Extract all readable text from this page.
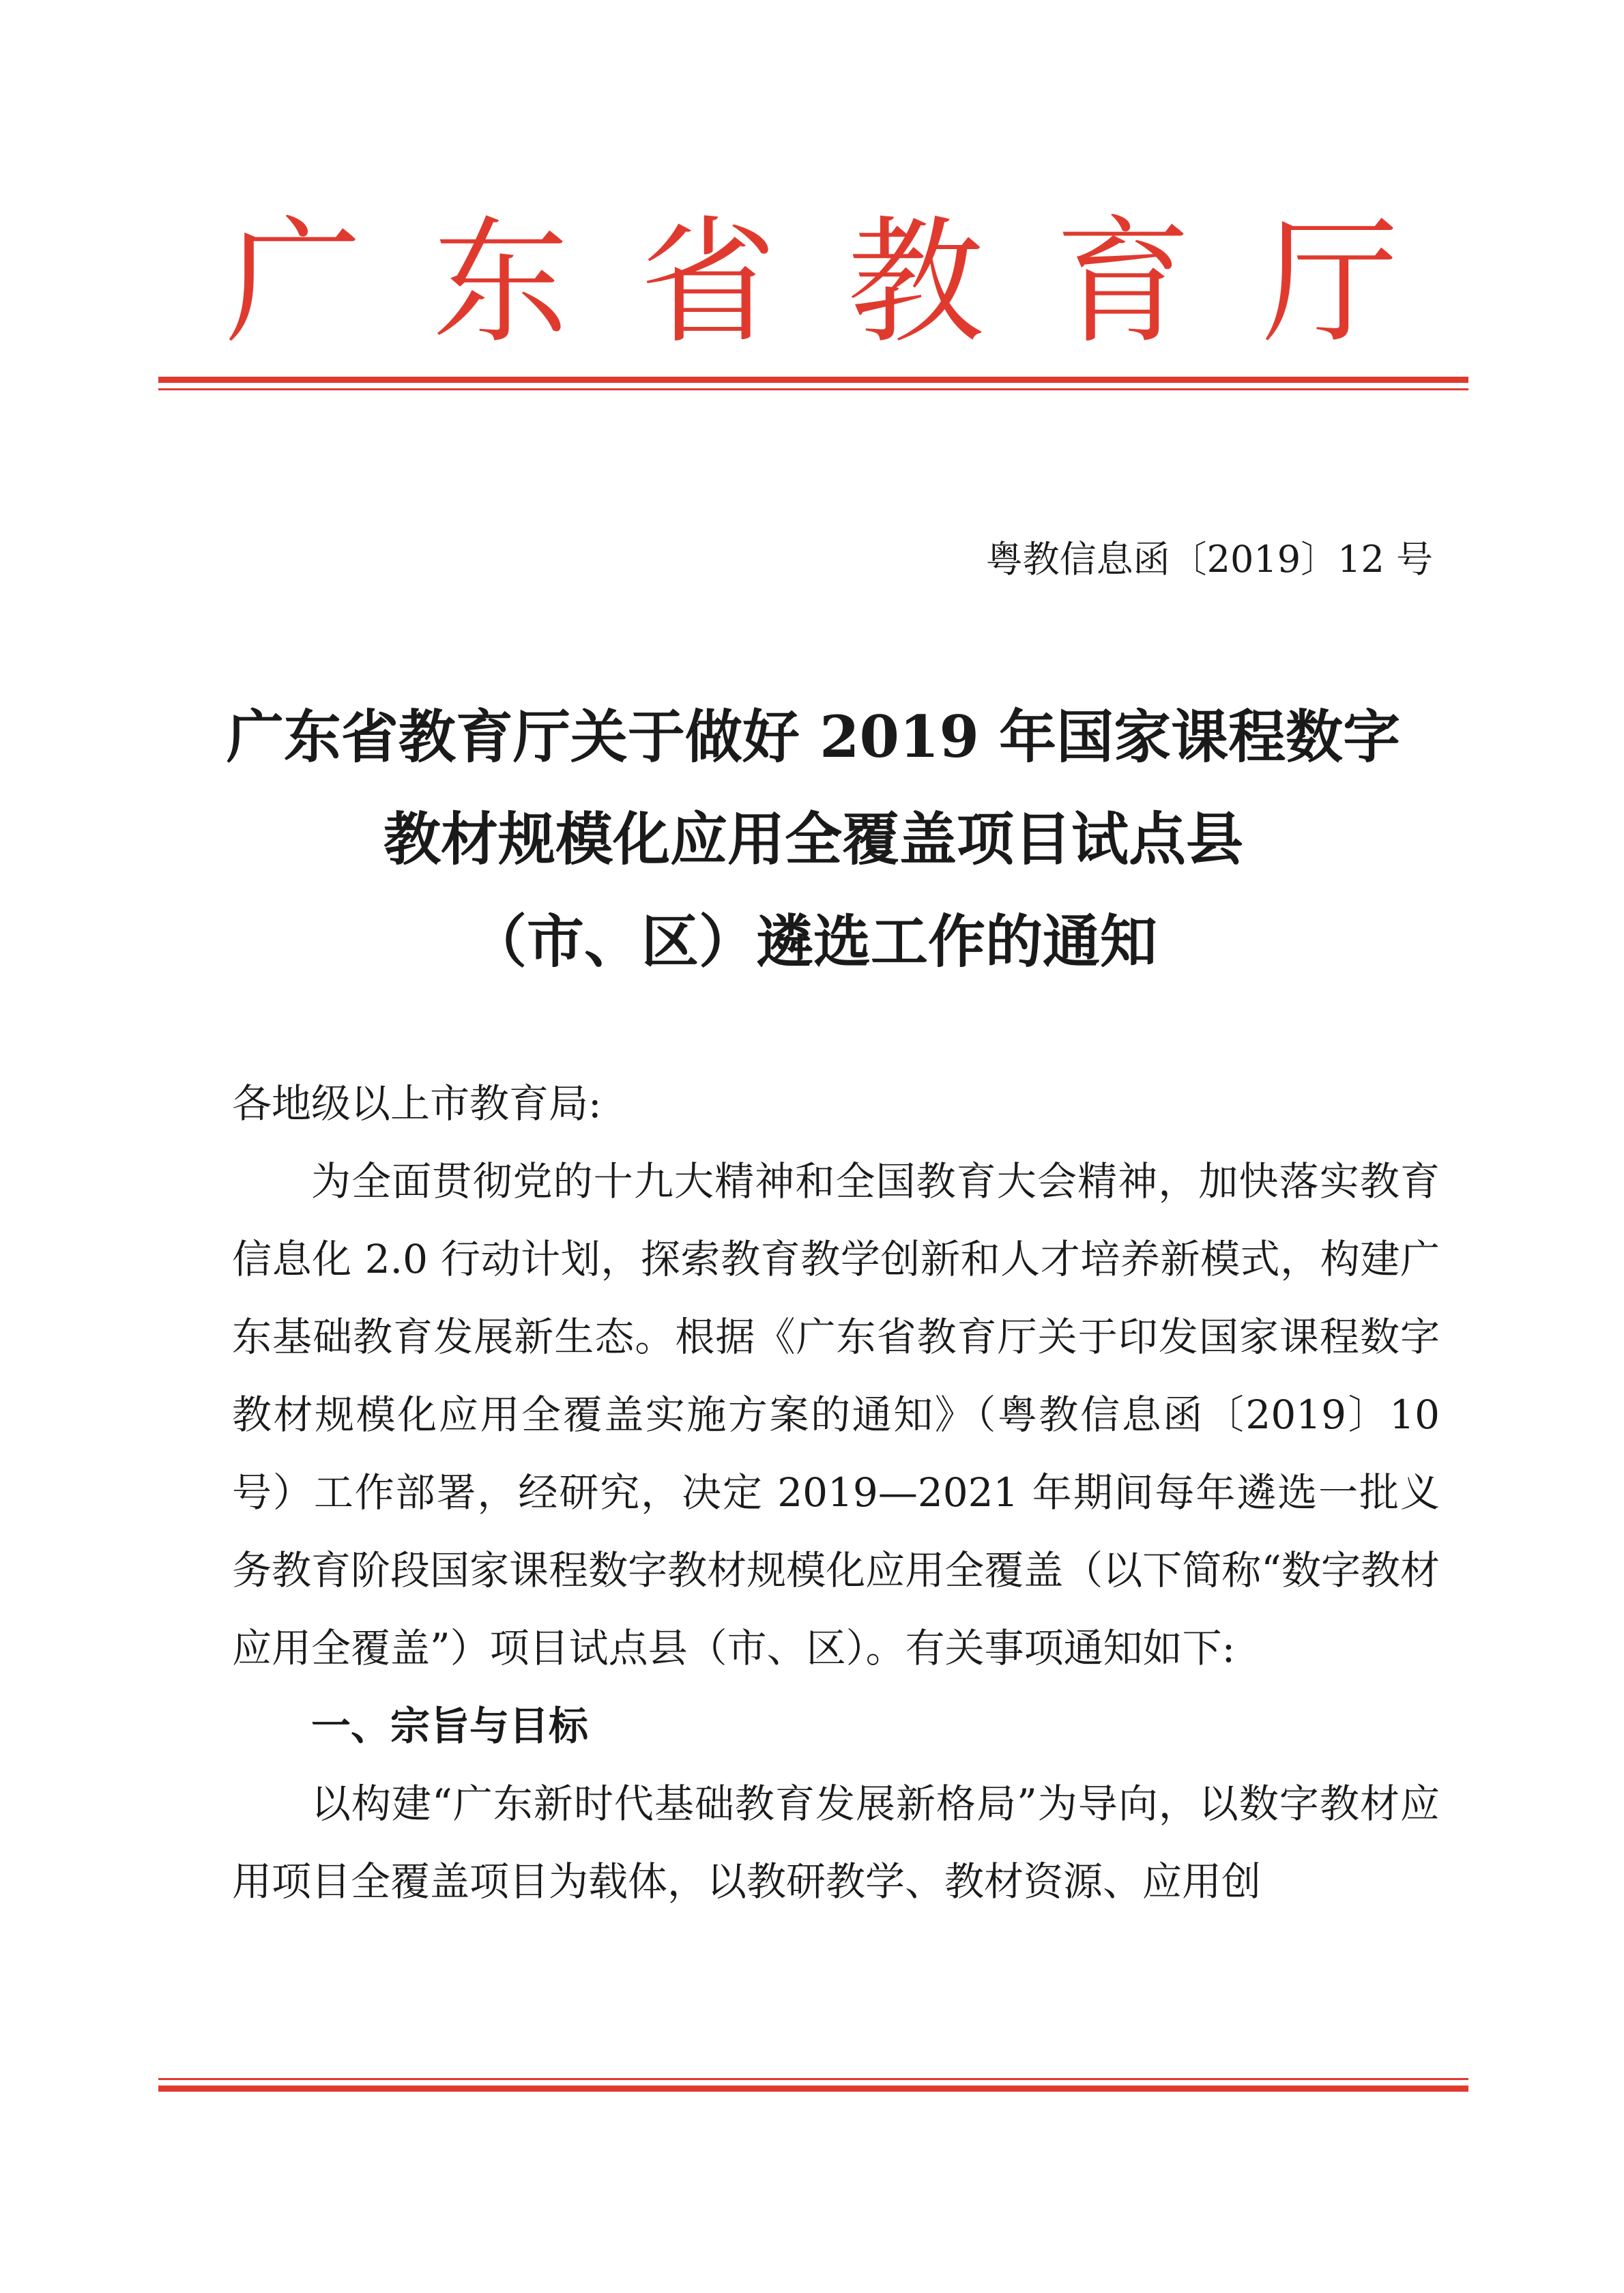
广 东 省 教 育 厅
粤教信息函〔2019〕12 号
广东省教育厅关于做好 2019 年国家课程数字
教材规模化应用全覆盖项目试点县
（市、区）遴选工作的通知

各地级以上市教育局:

为全面贯彻党的十九大精神和全国教育大会精神，加快落实教育信息化 2.0 行动计划，探索教育教学创新和人才培养新模式，构建广东基础教育发展新生态。根据《广东省教育厅关于印发国家课程数字教材规模化应用全覆盖实施方案的通知》（粤教信息函〔2019〕10 号）工作部署，经研究，决定 2019—2021 年期间每年遴选一批义务教育阶段国家课程数字教材规模化应用全覆盖（以下简称“数字教材应用全覆盖”）项目试点县（市、区）。有关事项通知如下:

一、宗旨与目标

以构建“广东新时代基础教育发展新格局”为导向，以数字教材应用项目全覆盖项目为载体，以教研教学、教材资源、应用创
